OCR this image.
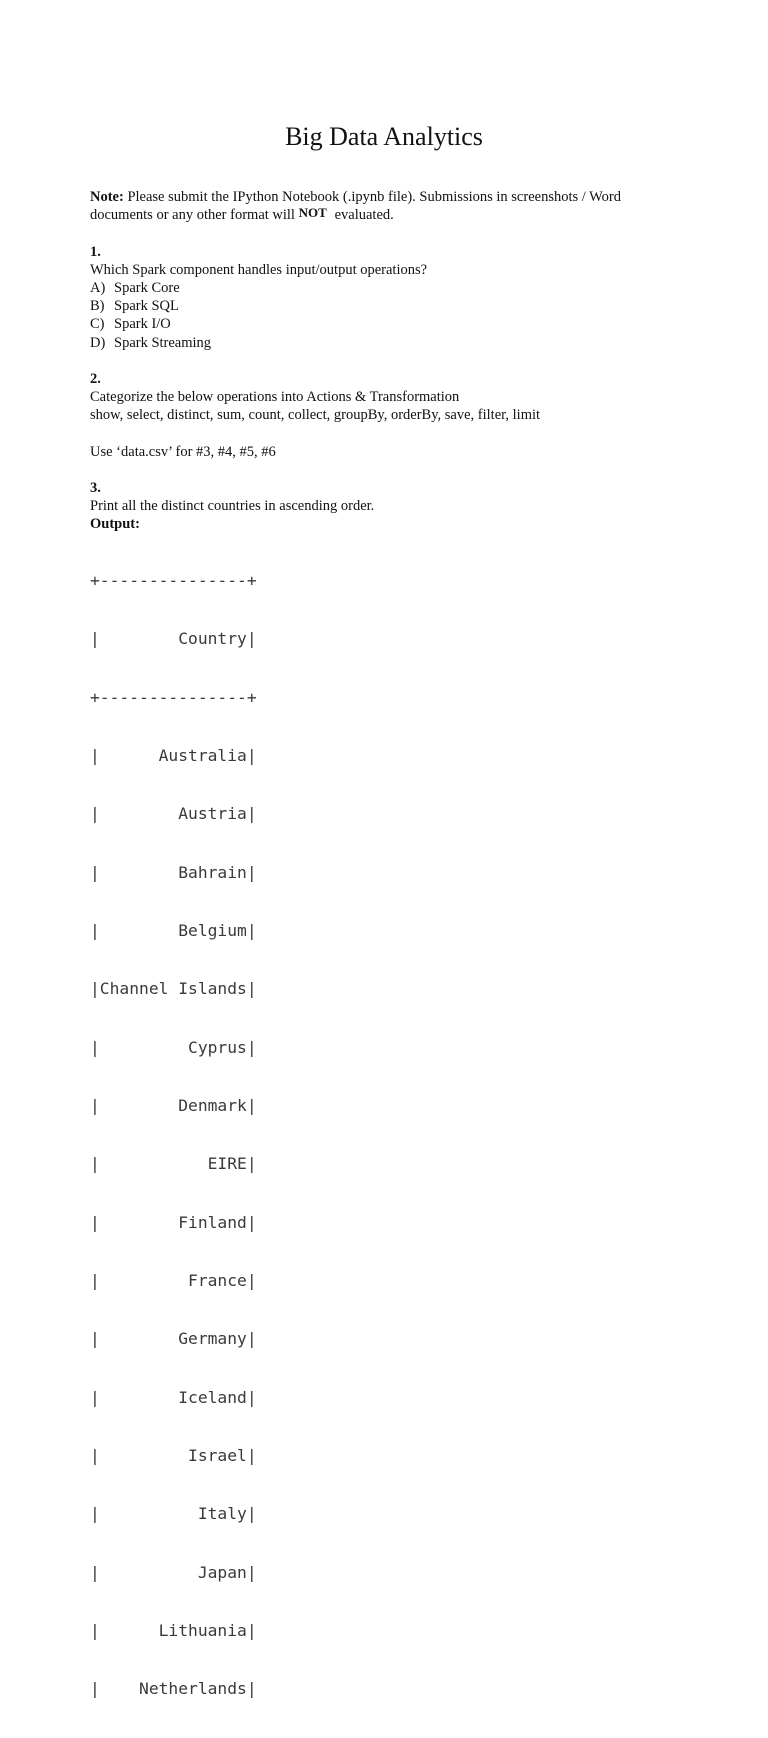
Big Data Analytics
Note: Please submit the IPython Notebook (.ipynb file). Submissions in screenshots / Word
documents or any other format will NOT evaluated.
1.
Which Spark component handles input/output operations?
A) Spark Core
B) Spark SQL
C) Spark I/O
D) Spark Streaming
2.
Categorize the below operations into Actions & Transformation
show, select, distinct, sum, count, collect, groupBy, orderBy, save, filter, limit
Use ‘data.csv’ for #3, #4, #5, #6
3.
Print all the distinct countries in ascending order.
Output:

+---------------+

|        Country|

+---------------+

|      Australia|

|        Austria|

|        Bahrain|

|        Belgium|

|Channel Islands|

|         Cyprus|

|        Denmark|

|           EIRE|

|        Finland|

|         France|

|        Germany|

|        Iceland|

|         Israel|

|          Italy|

|          Japan|

|      Lithuania|

|    Netherlands|
